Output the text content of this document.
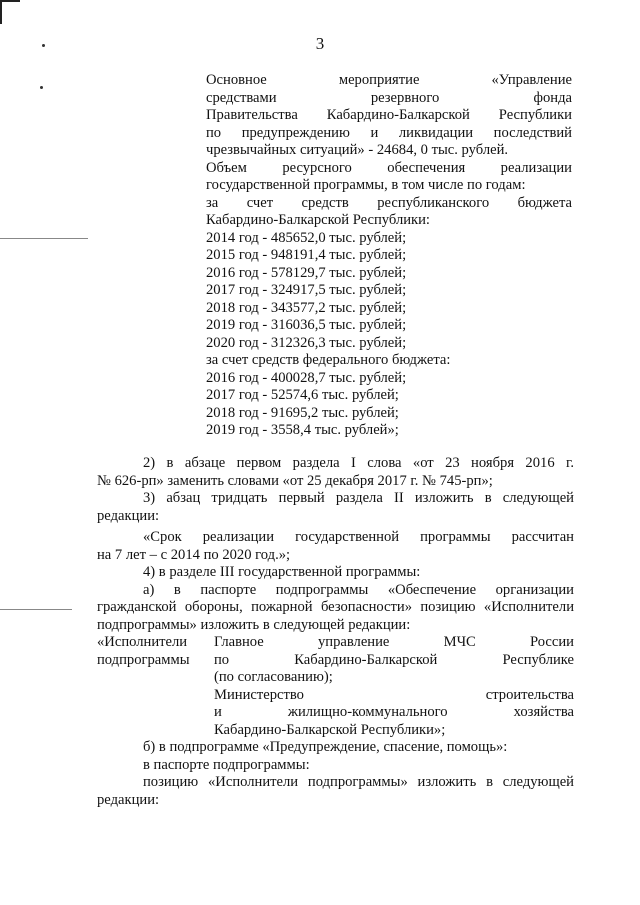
3
Основное мероприятие «Управление
средствами резервного фонда
Правительства Кабардино-Балкарской Республики
по предупреждению и ликвидации последствий
чрезвычайных ситуаций» - 24684, 0 тыс. рублей.
Объем ресурсного обеспечения реализации
государственной программы, в том числе по годам:
за счет средств республиканского бюджета
Кабардино-Балкарской Республики:
2014 год - 485652,0 тыс. рублей;
2015 год - 948191,4 тыс. рублей;
2016 год - 578129,7 тыс. рублей;
2017 год - 324917,5 тыс. рублей;
2018 год - 343577,2 тыс. рублей;
2019 год - 316036,5 тыс. рублей;
2020 год - 312326,3 тыс. рублей;
за счет средств федерального бюджета:
2016 год - 400028,7 тыс. рублей;
2017 год - 52574,6 тыс. рублей;
2018 год - 91695,2 тыс. рублей;
2019 год - 3558,4 тыс. рублей»;
2) в абзаце первом раздела I слова «от 23 ноября 2016 г.
№ 626-рп» заменить словами «от 25 декабря 2017 г. № 745-рп»;
3) абзац тридцать первый раздела II изложить в следующей
редакции:
«Срок реализации государственной программы рассчитан
на 7 лет – с 2014 по 2020 год.»;
4) в разделе III государственной программы:
а) в паспорте подпрограммы «Обеспечение организации
гражданской обороны, пожарной безопасности» позицию «Исполнители
подпрограммы» изложить в следующей редакции:
«Исполнители
подпрограммы
Главное управление МЧС России
по Кабардино-Балкарской Республике
(по согласованию);
Министерство строительства
и жилищно-коммунального хозяйства
Кабардино-Балкарской Республики»;
б) в подпрограмме «Предупреждение, спасение, помощь»:
в паспорте подпрограммы:
позицию «Исполнители подпрограммы» изложить в следующей
редакции:
